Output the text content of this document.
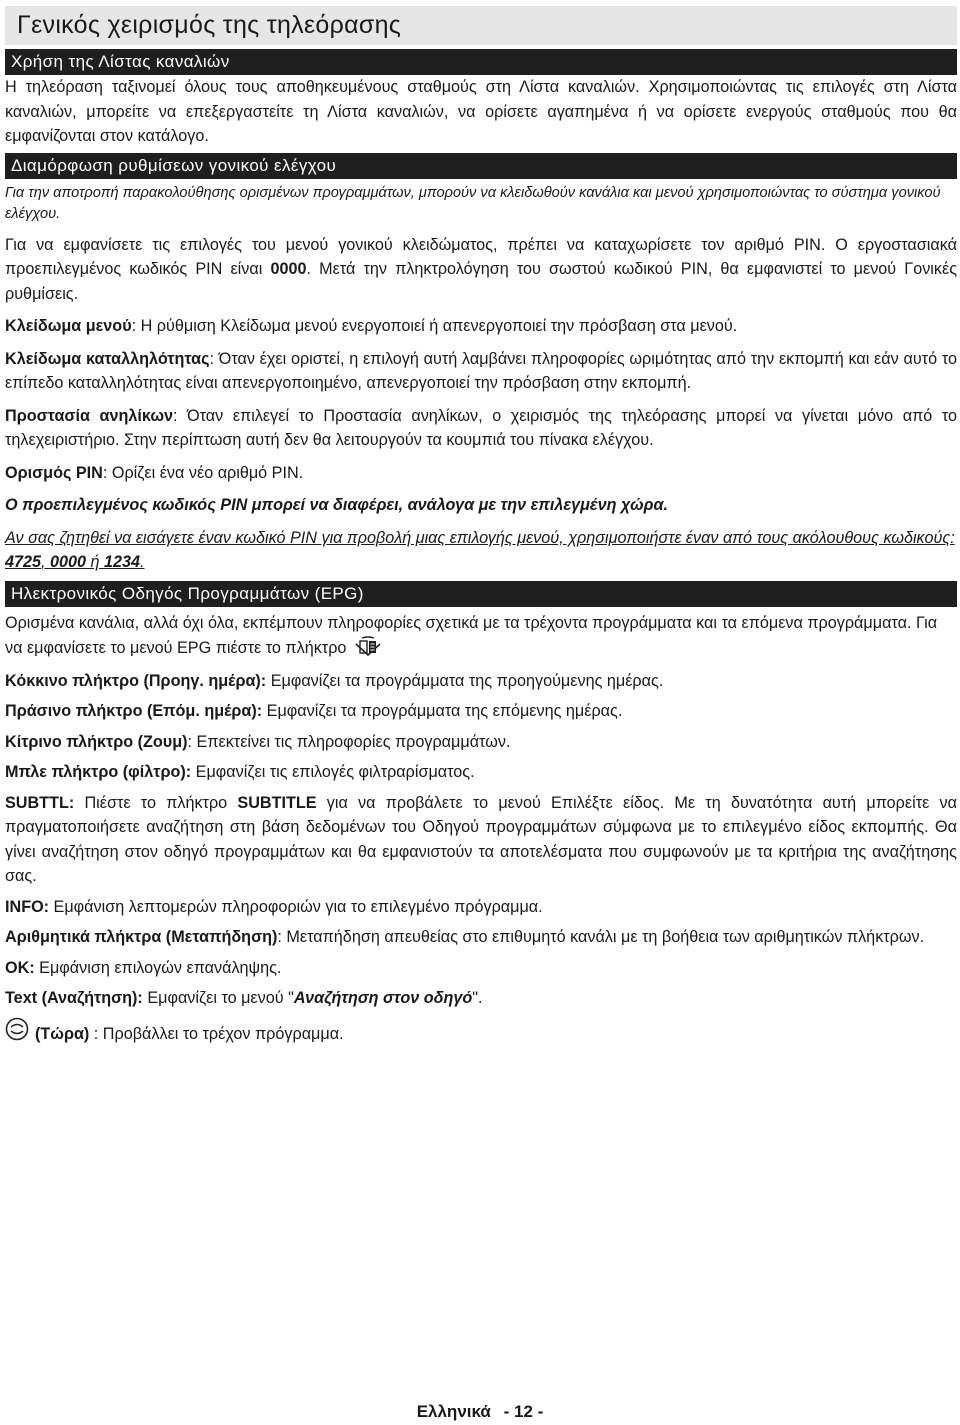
Γενικός χειρισμός της τηλεόρασης
Χρήση της Λίστας καναλιών

Η τηλεόραση ταξινομεί όλους τους αποθηκευμένους σταθμούς στη Λίστα καναλιών. Χρησιμοποιώντας τις επιλογές στη Λίστα καναλιών, μπορείτε να επεξεργαστείτε τη Λίστα καναλιών, να ορίσετε αγαπημένα ή να ορίσετε ενεργούς σταθμούς που θα εμφανίζονται στον κατάλογο.

Διαμόρφωση ρυθμίσεων γονικού ελέγχου

Για την αποτροπή παρακολούθησης ορισμένων προγραμμάτων, μπορούν να κλειδωθούν κανάλια και μενού χρησιμοποιώντας το σύστημα γονικού ελέγχου.

Για να εμφανίσετε τις επιλογές του μενού γονικού κλειδώματος, πρέπει να καταχωρίσετε τον αριθμό PIN. Ο εργοστασιακά προεπιλεγμένος κωδικός PIN είναι 0000. Μετά την πληκτρολόγηση του σωστού κωδικού PIN, θα εμφανιστεί το μενού Γονικές ρυθμίσεις.

Κλείδωμα μενού: Η ρύθμιση Κλείδωμα μενού ενεργοποιεί ή απενεργοποιεί την πρόσβαση στα μενού.

Κλείδωμα καταλληλότητας: Όταν έχει οριστεί, η επιλογή αυτή λαμβάνει πληροφορίες ωριμότητας από την εκπομπή και εάν αυτό το επίπεδο καταλληλότητας είναι απενεργοποιημένο, απενεργοποιεί την πρόσβαση στην εκπομπή.

Προστασία ανηλίκων: Όταν επιλεγεί το Προστασία ανηλίκων, ο χειρισμός της τηλεόρασης μπορεί να γίνεται μόνο από το τηλεχειριστήριο. Στην περίπτωση αυτή δεν θα λειτουργούν τα κουμπιά του πίνακα ελέγχου.

Ορισμός PIN: Ορίζει ένα νέο αριθμό PIN.

Ο προεπιλεγμένος κωδικός PIN μπορεί να διαφέρει, ανάλογα με την επιλεγμένη χώρα.

Αν σας ζητηθεί να εισάγετε έναν κωδικό PIN για προβολή μιας επιλογής μενού, χρησιμοποιήστε έναν από τους ακόλουθους κωδικούς: 4725, 0000 ή 1234.

Ηλεκτρονικός Οδηγός Προγραμμάτων (EPG)

Ορισμένα κανάλια, αλλά όχι όλα, εκπέμπουν πληροφορίες σχετικά με τα τρέχοντα προγράμματα και τα επόμενα προγράμματα. Για να εμφανίσετε το μενού EPG πιέστε το πλήκτρο

Κόκκινο πλήκτρο (Προηγ. ημέρα): Εμφανίζει τα προγράμματα της προηγούμενης ημέρας.

Πράσινο πλήκτρο (Επόμ. ημέρα): Εμφανίζει τα προγράμματα της επόμενης ημέρας.

Κίτρινο πλήκτρο (Ζουμ): Επεκτείνει τις πληροφορίες προγραμμάτων.

Μπλε πλήκτρο (φίλτρο): Εμφανίζει τις επιλογές φιλτραρίσματος.

SUBTTL: Πιέστε το πλήκτρο SUBTITLE για να προβάλετε το μενού Επιλέξτε είδος. Με τη δυνατότητα αυτή μπορείτε να πραγματοποιήσετε αναζήτηση στη βάση δεδομένων του Οδηγού προγραμμάτων σύμφωνα με το επιλεγμένο είδος εκπομπής. Θα γίνει αναζήτηση στον οδηγό προγραμμάτων και θα εμφανιστούν τα αποτελέσματα που συμφωνούν με τα κριτήρια της αναζήτησης σας.

INFO: Εμφάνιση λεπτομερών πληροφοριών για το επιλεγμένο πρόγραμμα.

Αριθμητικά πλήκτρα (Μεταπήδηση): Μεταπήδηση απευθείας στο επιθυμητό κανάλι με τη βοήθεια των αριθμητικών πλήκτρων.

OK: Εμφάνιση επιλογών επανάληψης.

Text (Αναζήτηση): Εμφανίζει το μενού "Αναζήτηση στον οδηγό".

(Τώρα) : Προβάλλει το τρέχον πρόγραμμα.

Ελληνικά - 12 -
